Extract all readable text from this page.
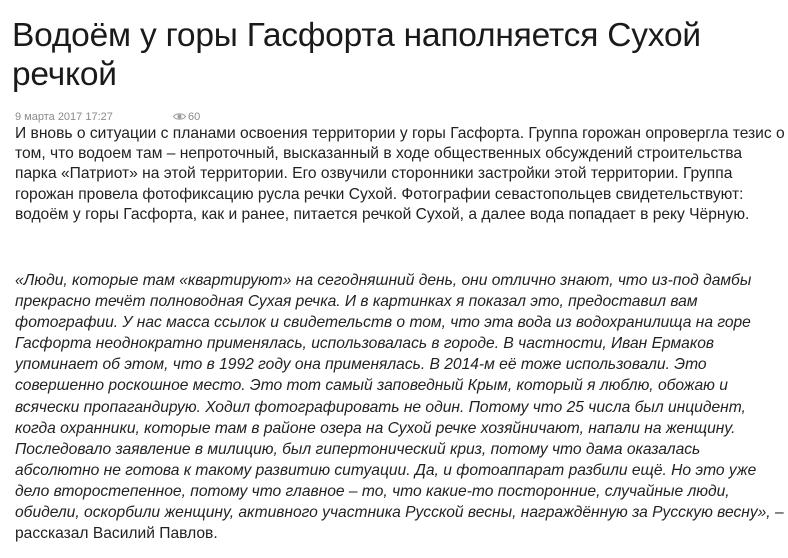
Водоём у горы Гасфорта наполняется Сухой речкой
9 марта 2017 17:27	60

И вновь о ситуации с планами освоения территории у горы Гасфорта. Группа горожан опровергла тезис о том, что водоем там – непроточный, высказанный в ходе общественных обсуждений строительства парка «Патриот» на этой территории. Его озвучили сторонники застройки этой территории. Группа горожан провела фотофиксацию русла речки Сухой. Фотографии севастопольцев свидетельствуют: водоём у горы Гасфорта, как и ранее, питается речкой Сухой, а далее вода попадает в реку Чёрную.

«Люди, которые там «квартируют» на сегодняшний день, они отлично знают, что из-под дамбы прекрасно течёт полноводная Сухая речка. И в картинках я показал это, предоставил вам фотографии. У нас масса ссылок и свидетельств о том, что эта вода из водохранилища на горе Гасфорта неоднократно применялась, использовалась в городе. В частности, Иван Ермаков упоминает об этом, что в 1992 году она применялась. В 2014-м её тоже использовали. Это совершенно роскошное место. Это тот самый заповедный Крым, который я люблю, обожаю и всячески пропагандирую. Ходил фотографировать не один. Потому что 25 числа был инцидент, когда охранники, которые там в районе озера на Сухой речке хозяйничают, напали на женщину. Последовало заявление в милицию, был гипертонический криз, потому что дама оказалась абсолютно не готова к такому развитию ситуации. Да, и фотоаппарат разбили ещё. Но это уже дело второстепенное, потому что главное – то, что какие-то посторонние, случайные люди, обидели, оскорбили женщину, активного участника Русской весны, награждённую за Русскую весну», – рассказал Василий Павлов.
